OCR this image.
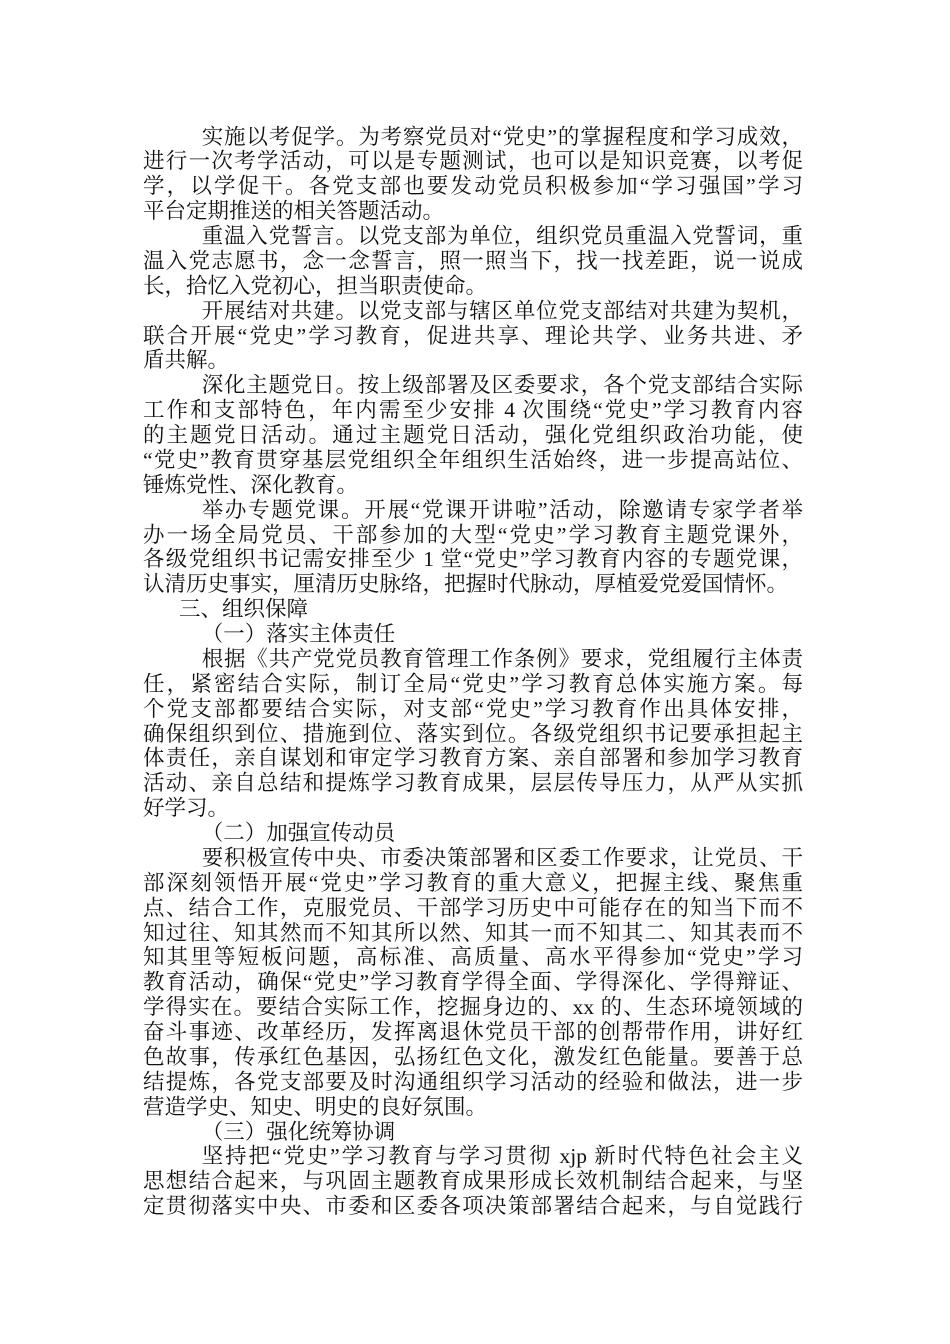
实施以考促学。为考察党员对“党史”的掌握程度和学习成效，
进行一次考学活动，可以是专题测试，也可以是知识竞赛，以考促
学，以学促干。各党支部也要发动党员积极参加“学习强国”学习
平台定期推送的相关答题活动。
重温入党誓言。以党支部为单位，组织党员重温入党誓词，重
温入党志愿书，念一念誓言，照一照当下，找一找差距，说一说成
长，拾忆入党初心，担当职责使命。
开展结对共建。以党支部与辖区单位党支部结对共建为契机，
联合开展“党史”学习教育，促进共享、理论共学、业务共进、矛
盾共解。
深化主题党日。按上级部署及区委要求，各个党支部结合实际
工作和支部特色，年内需至少安排 4 次围绕“党史”学习教育内容
的主题党日活动。通过主题党日活动，强化党组织政治功能，使
“党史”教育贯穿基层党组织全年组织生活始终，进一步提高站位、
锤炼党性、深化教育。
举办专题党课。开展“党课开讲啦”活动，除邀请专家学者举
办一场全局党员、干部参加的大型“党史”学习教育主题党课外，
各级党组织书记需安排至少 1 堂“党史”学习教育内容的专题党课，
认清历史事实，厘清历史脉络，把握时代脉动，厚植爱党爱国情怀。
三、组织保障
（一）落实主体责任
根据《共产党党员教育管理工作条例》要求，党组履行主体责
任，紧密结合实际，制订全局“党史”学习教育总体实施方案。每
个党支部都要结合实际，对支部“党史”学习教育作出具体安排，
确保组织到位、措施到位、落实到位。各级党组织书记要承担起主
体责任，亲自谋划和审定学习教育方案、亲自部署和参加学习教育
活动、亲自总结和提炼学习教育成果，层层传导压力，从严从实抓
好学习。
（二）加强宣传动员
要积极宣传中央、市委决策部署和区委工作要求，让党员、干
部深刻领悟开展“党史”学习教育的重大意义，把握主线、聚焦重
点、结合工作，克服党员、干部学习历史中可能存在的知当下而不
知过往、知其然而不知其所以然、知其一而不知其二、知其表而不
知其里等短板问题，高标准、高质量、高水平得参加“党史”学习
教育活动，确保“党史”学习教育学得全面、学得深化、学得辩证、
学得实在。要结合实际工作，挖掘身边的、xx 的、生态环境领域的
奋斗事迹、改革经历，发挥离退休党员干部的创帮带作用，讲好红
色故事，传承红色基因，弘扬红色文化，激发红色能量。要善于总
结提炼，各党支部要及时沟通组织学习活动的经验和做法，进一步
营造学史、知史、明史的良好氛围。
（三）强化统筹协调
坚持把“党史”学习教育与学习贯彻 xjp 新时代特色社会主义
思想结合起来，与巩固主题教育成果形成长效机制结合起来，与坚
定贯彻落实中央、市委和区委各项决策部署结合起来，与自觉践行
